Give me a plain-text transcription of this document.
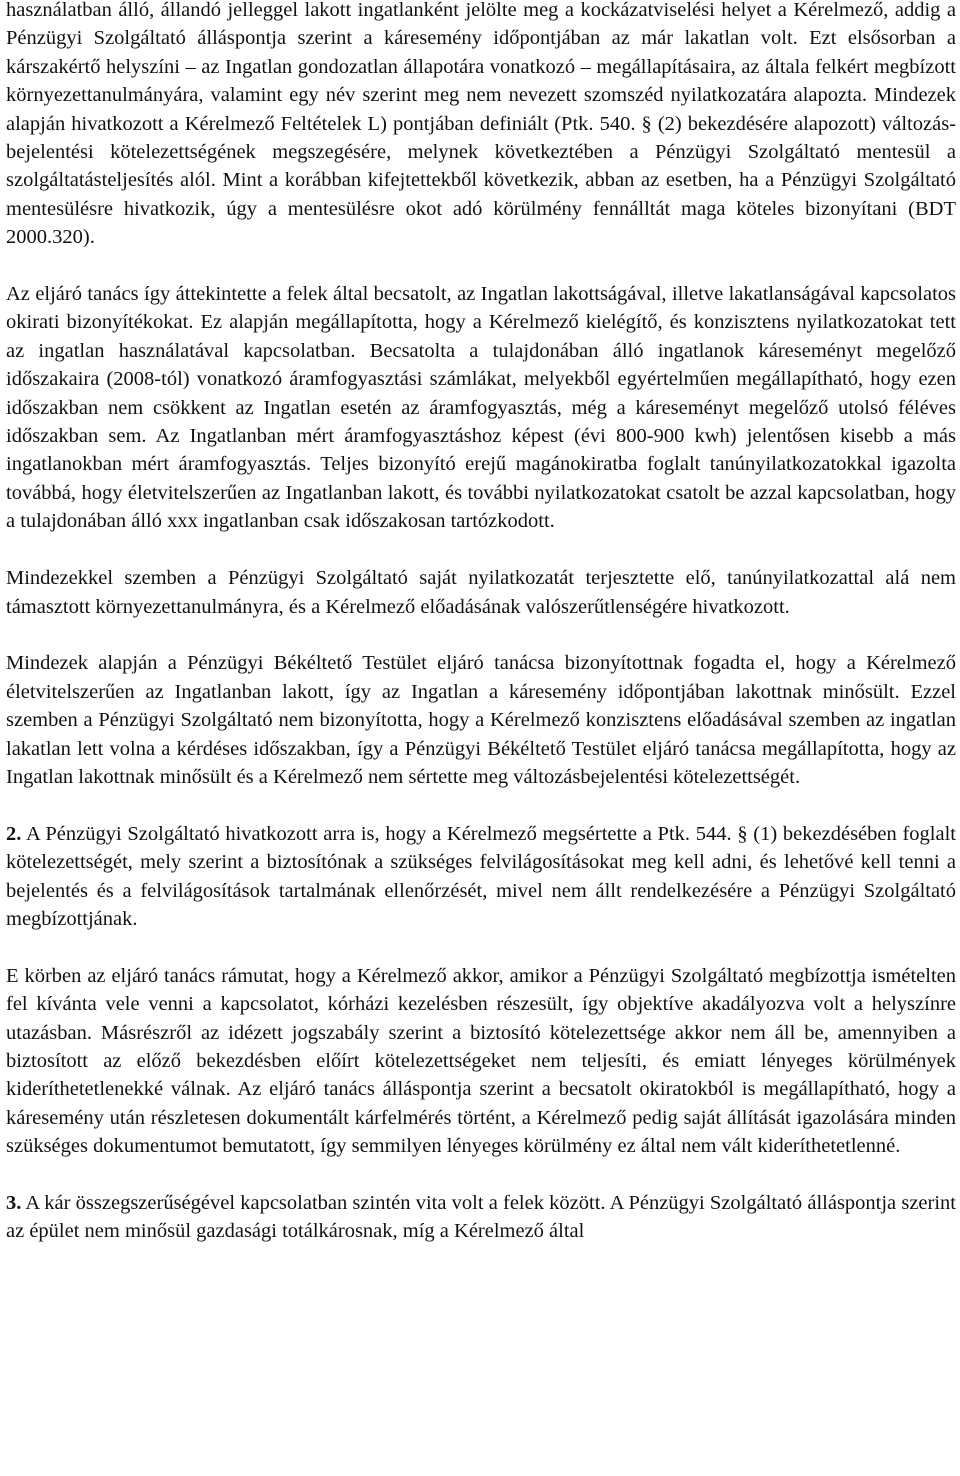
használatban álló, állandó jelleggel lakott ingatlanként jelölte meg a kockázatviselési helyet a Kérelmező, addig a Pénzügyi Szolgáltató álláspontja szerint a káresemény időpontjában az már lakatlan volt. Ezt elsősorban a kárszakértő helyszíni – az Ingatlan gondozatlan állapotára vonatkozó – megállapításaira, az általa felkért megbízott környezettanulmányára, valamint egy név szerint meg nem nevezett szomszéd nyilatkozatára alapozta. Mindezek alapján hivatkozott a Kérelmező Feltételek L) pontjában definiált (Ptk. 540. § (2) bekezdésére alapozott) változás-bejelentési kötelezettségének megszegésére, melynek következtében a Pénzügyi Szolgáltató mentesül a szolgáltatásteljesítés alól. Mint a korábban kifejtettekből következik, abban az esetben, ha a Pénzügyi Szolgáltató mentesülésre hivatkozik, úgy a mentesülésre okot adó körülmény fennálltát maga köteles bizonyítani (BDT 2000.320).

Az eljáró tanács így áttekintette a felek által becsatolt, az Ingatlan lakottságával, illetve lakatlanságával kapcsolatos okirati bizonyítékokat. Ez alapján megállapította, hogy a Kérelmező kielégítő, és konzisztens nyilatkozatokat tett az ingatlan használatával kapcsolatban. Becsatolta a tulajdonában álló ingatlanok káreseményt megelőző időszakaira (2008-tól) vonatkozó áramfogyasztási számlákat, melyekből egyértelműen megállapítható, hogy ezen időszakban nem csökkent az Ingatlan esetén az áramfogyasztás, még a káreseményt megelőző utolsó féléves időszakban sem. Az Ingatlanban mért áramfogyasztáshoz képest (évi 800-900 kwh) jelentősen kisebb a más ingatlanokban mért áramfogyasztás. Teljes bizonyító erejű magánokiratba foglalt tanúnyilatkozatokkal igazolta továbbá, hogy életvitelszerűen az Ingatlanban lakott, és további nyilatkozatokat csatolt be azzal kapcsolatban, hogy a tulajdonában álló xxx ingatlanban csak időszakosan tartózkodott.

Mindezekkel szemben a Pénzügyi Szolgáltató saját nyilatkozatát terjesztette elő, tanúnyilatkozattal alá nem támasztott környezettanulmányra, és a Kérelmező előadásának valószerűtlenségére hivatkozott.

Mindezek alapján a Pénzügyi Békéltető Testület eljáró tanácsa bizonyítottnak fogadta el, hogy a Kérelmező életvitelszerűen az Ingatlanban lakott, így az Ingatlan a káresemény időpontjában lakottnak minősült. Ezzel szemben a Pénzügyi Szolgáltató nem bizonyította, hogy a Kérelmező konzisztens előadásával szemben az ingatlan lakatlan lett volna a kérdéses időszakban, így a Pénzügyi Békéltető Testület eljáró tanácsa megállapította, hogy az Ingatlan lakottnak minősült és a Kérelmező nem sértette meg változásbejelentési kötelezettségét.

2. A Pénzügyi Szolgáltató hivatkozott arra is, hogy a Kérelmező megsértette a Ptk. 544. § (1) bekezdésében foglalt kötelezettségét, mely szerint a biztosítónak a szükséges felvilágosításokat meg kell adni, és lehetővé kell tenni a bejelentés és a felvilágosítások tartalmának ellenőrzését, mivel nem állt rendelkezésére a Pénzügyi Szolgáltató megbízottjának.

E körben az eljáró tanács rámutat, hogy a Kérelmező akkor, amikor a Pénzügyi Szolgáltató megbízottja ismételten fel kívánta vele venni a kapcsolatot, kórházi kezelésben részesült, így objektíve akadályozva volt a helyszínre utazásban. Másrészről az idézett jogszabály szerint a biztosító kötelezettsége akkor nem áll be, amennyiben a biztosított az előző bekezdésben előírt kötelezettségeket nem teljesíti, és emiatt lényeges körülmények kideríthetetlenekké válnak. Az eljáró tanács álláspontja szerint a becsatolt okiratokból is megállapítható, hogy a káresemény után részletesen dokumentált kárfelmérés történt, a Kérelmező pedig saját állítását igazolására minden szükséges dokumentumot bemutatott, így semmilyen lényeges körülmény ez által nem vált kideríthetetlenné.

3. A kár összegszerűségével kapcsolatban szintén vita volt a felek között. A Pénzügyi Szolgáltató álláspontja szerint az épület nem minősül gazdasági totálkárosnak, míg a Kérelmező által
